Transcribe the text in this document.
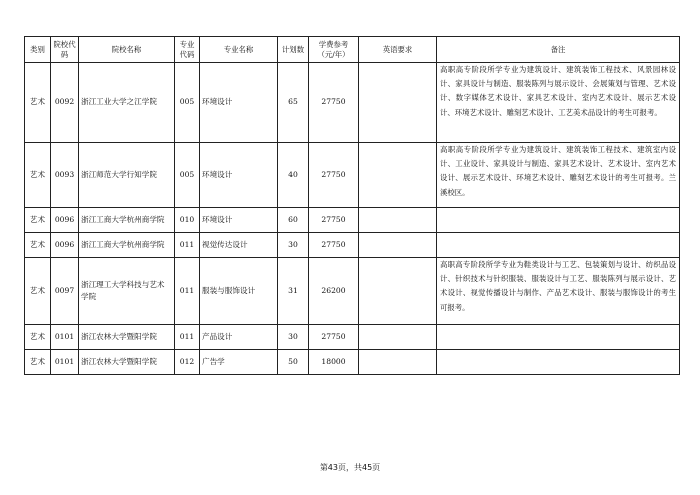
类别	院校代码	院校名称	专业代码	专业名称	计划数	学费参考（元/年）	英语要求	备注
艺术	0092	浙江工业大学之江学院	005	环境设计	65	27750		高职高专阶段所学专业为建筑设计、建筑装饰工程技术、风景园林设计、家具设计与制造、服装陈列与展示设计、会展策划与管理、艺术设计、数字媒体艺术设计、家具艺术设计、室内艺术设计、展示艺术设计、环境艺术设计、雕刻艺术设计、工艺美术品设计的考生可报考。
艺术	0093	浙江师范大学行知学院	005	环境设计	40	27750		高职高专阶段所学专业为建筑设计、建筑装饰工程技术、建筑室内设计、工业设计、家具设计与制造、家具艺术设计、艺术设计、室内艺术设计、展示艺术设计、环境艺术设计、雕刻艺术设计的考生可报考。兰溪校区。
艺术	0096	浙江工商大学杭州商学院	010	环境设计	60	27750		
艺术	0096	浙江工商大学杭州商学院	011	视觉传达设计	30	27750		
艺术	0097	浙江理工大学科技与艺术学院	011	服装与服饰设计	31	26200		高职高专阶段所学专业为鞋类设计与工艺、包装策划与设计、纺织品设计、针织技术与针织服装、服装设计与工艺、服装陈列与展示设计、艺术设计、视觉传播设计与制作、产品艺术设计、服装与服饰设计的考生可报考。
艺术	0101	浙江农林大学暨阳学院	011	产品设计	30	27750		
艺术	0101	浙江农林大学暨阳学院	012	广告学	50	18000		
第43页，共45页
